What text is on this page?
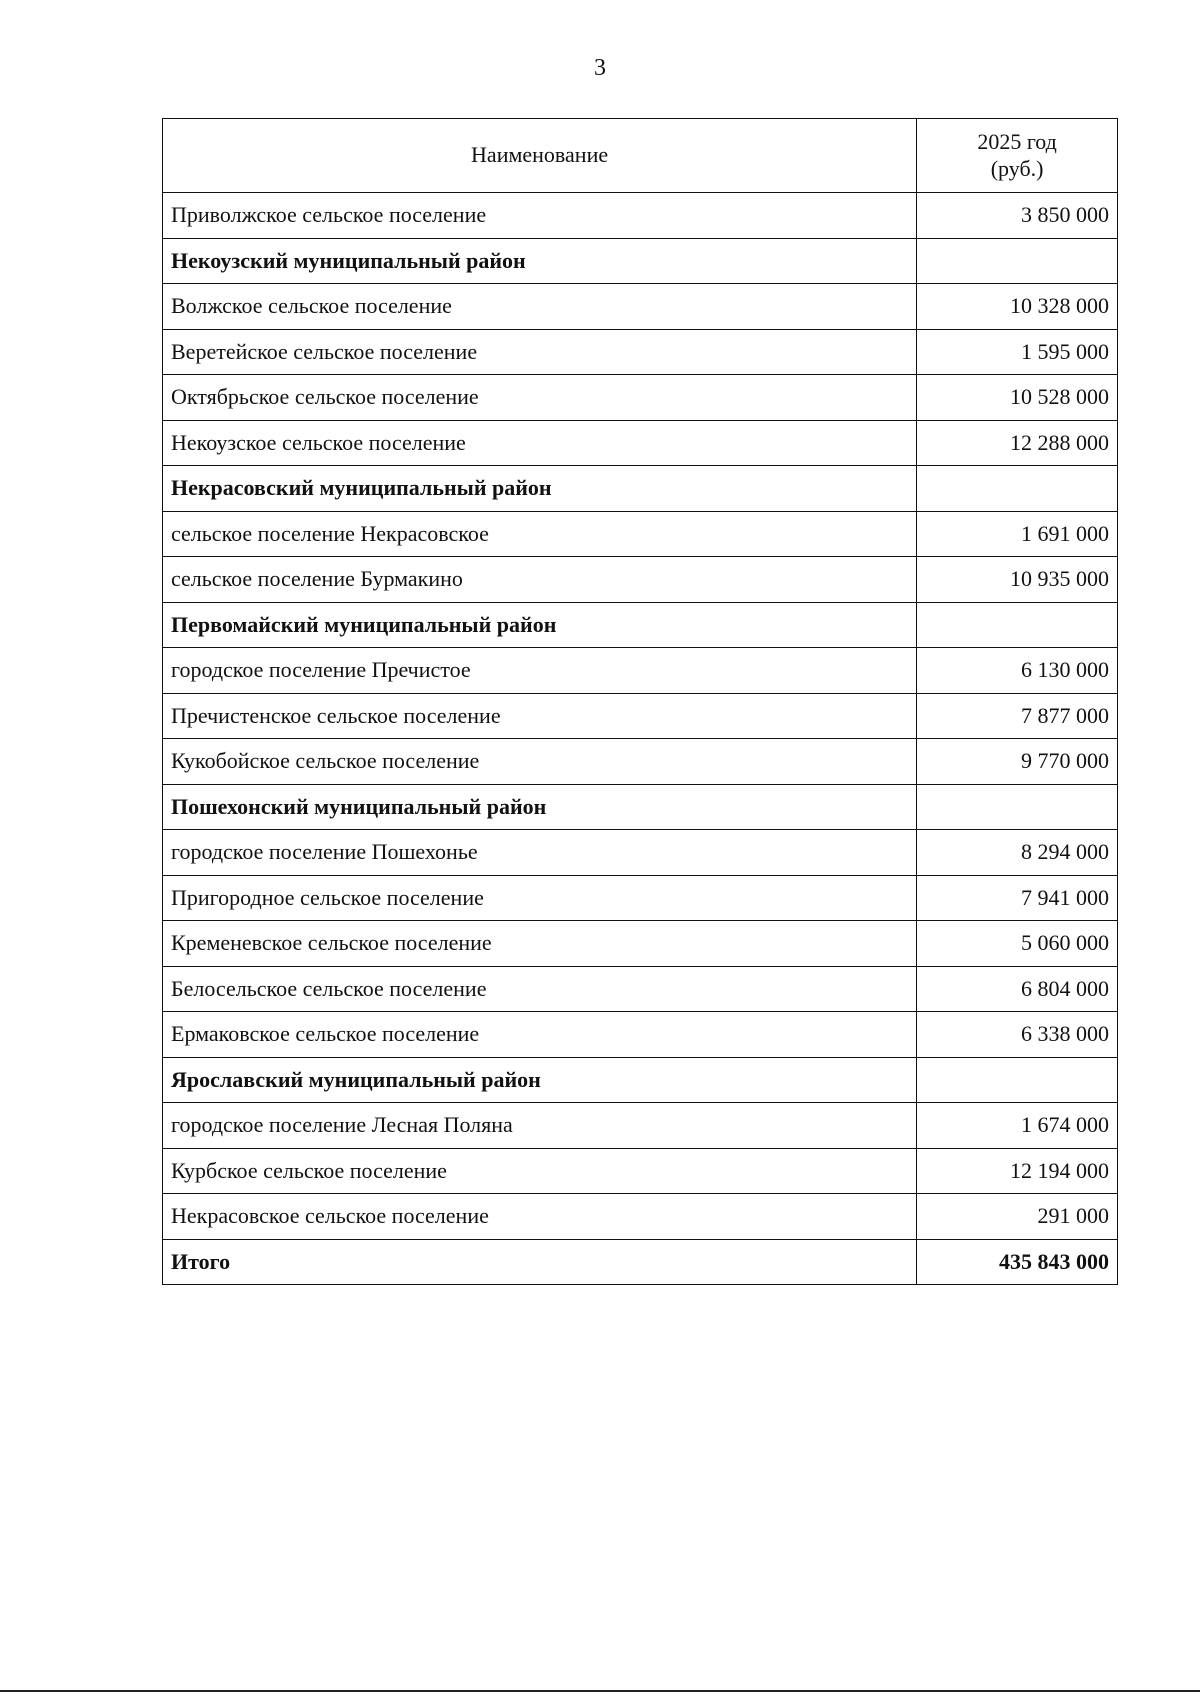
3
Наименование	2025 год
(руб.)
Приволжское сельское поселение	3 850 000
Некоузский муниципальный район	
Волжское сельское поселение	10 328 000
Веретейское сельское поселение	1 595 000
Октябрьское сельское поселение	10 528 000
Некоузское сельское поселение	12 288 000
Некрасовский муниципальный район	
сельское поселение Некрасовское	1 691 000
сельское поселение Бурмакино	10 935 000
Первомайский муниципальный район	
городское поселение Пречистое	6 130 000
Пречистенское сельское поселение	7 877 000
Кукобойское сельское поселение	9 770 000
Пошехонский муниципальный район	
городское поселение Пошехонье	8 294 000
Пригородное сельское поселение	7 941 000
Кременевское сельское поселение	5 060 000
Белосельское сельское поселение	6 804 000
Ермаковское сельское поселение	6 338 000
Ярославский муниципальный район	
городское поселение Лесная Поляна	1 674 000
Курбское сельское поселение	12 194 000
Некрасовское сельское поселение	291 000
Итого	435 843 000
